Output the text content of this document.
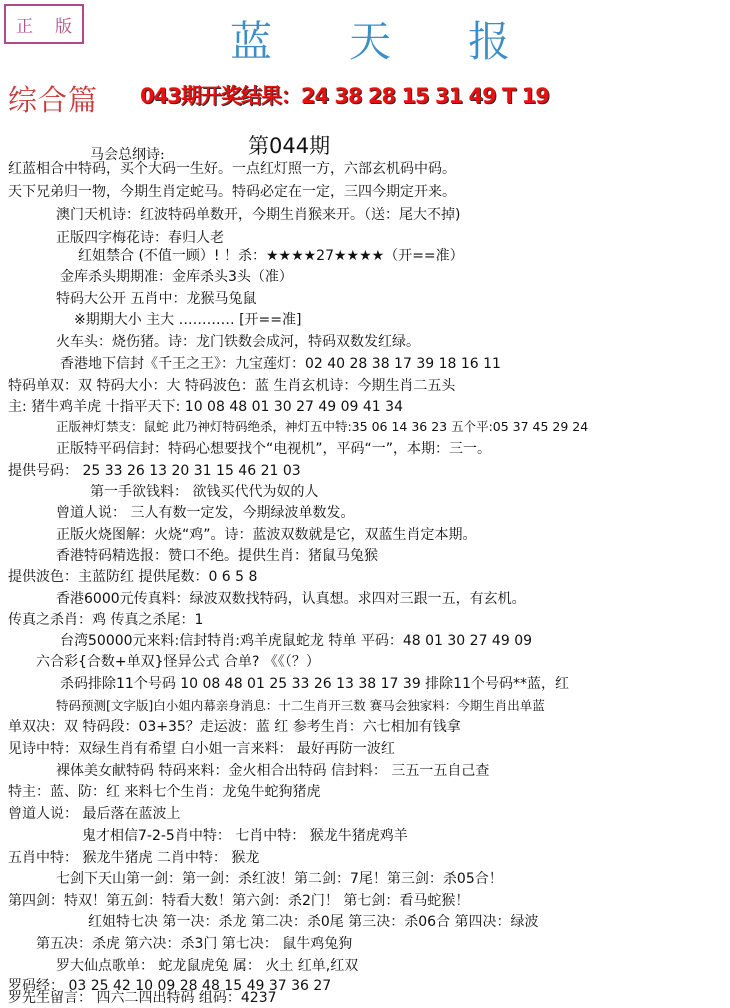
正 版	蓝 天 报
综合篇 043期开奖结果：24 38 28 15 31 49 T 19
马会总纲诗:	第044期
红蓝相合中特码，买个大码一生好。一点红灯照一方，六部玄机码中码。
天下兄弟归一物，今期生肖定蛇马。特码必定在一定，三四今期定开来。
澳门天机诗：红波特码单数开，今期生肖猴来开。（送：尾大不掉)
正版四字梅花诗：春归人老
红姐禁合 (不值一顾）! ！杀：★★★★27★★★★（开==准）
金库杀头期期准：金库杀头3头（准）
特码大公开 五肖中：龙猴马兔鼠
※期期大小 主大 ………… [开==准]
火车头：烧伤猪。诗：龙门铁数会成河，特码双数发红绿。
香港地下信封《千王之王》：九宝莲灯：02 40 28 38 17 39 18 16 11
特码单双：双 特码大小：大 特码波色：蓝 生肖玄机诗：今期生肖二五头
主: 猪牛鸡羊虎 十指平天下: 10 08 48 01 30 27 49 09 41 34
正版神灯禁支：鼠蛇 此乃神灯特码绝杀，神灯五中特:35 06 14 36 23 五个平:05 37 45 29 24
正版特平码信封：特码心想要找个“电视机”，平码“一”，本期：三一。
提供号码： 25 33 26 13 20 31 15 46 21 03
第一手欲钱料： 欲钱买代代为奴的人
曾道人说： 三人有数一定发，今期绿波单数发。
正版火烧图解：火烧“鸡”。诗：蓝波双数就是它，双蓝生肖定本期。
香港特码精选报：赞口不绝。提供生肖：猪鼠马兔猴
提供波色：主蓝防红 提供尾数：0 6 5 8
香港6000元传真料：绿波双数找特码，认真想。求四对三跟一五，有玄机。
传真之杀肖：鸡 传真之杀尾：1
台湾50000元来料:信封特肖:鸡羊虎鼠蛇龙 特单 平码：48 01 30 27 49 09
六合彩{合数+单双}怪异公式 合单? 《《（？）
杀码排除11个号码 10 08 48 01 25 33 26 13 38 17 39 排除11个号码**蓝，红
特码预测[文字版]白小姐内幕亲身消息：十二生肖开三数 赛马会独家料：今期生肖出单蓝
单双决：双 特码段：03+35？走运波：蓝 红 参考生肖：六七相加有钱拿
见诗中特：双绿生肖有希望 白小姐一言来料： 最好再防一波红
裸体美女献特码 特码来料：金火相合出特码 信封料： 三五一五自己查
特主：蓝、防：红 来料七个生肖：龙兔牛蛇狗猪虎
曾道人说： 最后落在蓝波上
鬼才相信7-2-5肖中特： 七肖中特： 猴龙牛猪虎鸡羊
五肖中特： 猴龙牛猪虎 二肖中特： 猴龙
七剑下天山第一剑：第一剑：杀红波！第二剑：7尾！第三剑：杀05合！
第四剑：特双！第五剑：特看大数！第六剑：杀2门！ 第七剑：看马蛇猴！
红姐特七决 第一决：杀龙 第二决：杀0尾 第三决：杀06合 第四决：绿波
第五决：杀虎 第六决：杀3门 第七决： 鼠牛鸡兔狗
罗大仙点歌单： 蛇龙鼠虎兔 属： 火土 红单,红双
罗码经： 03 25 42 10 09 28 48 15 49 37 36 27
罗先生留言： 四六二四出特码 组码：4237
